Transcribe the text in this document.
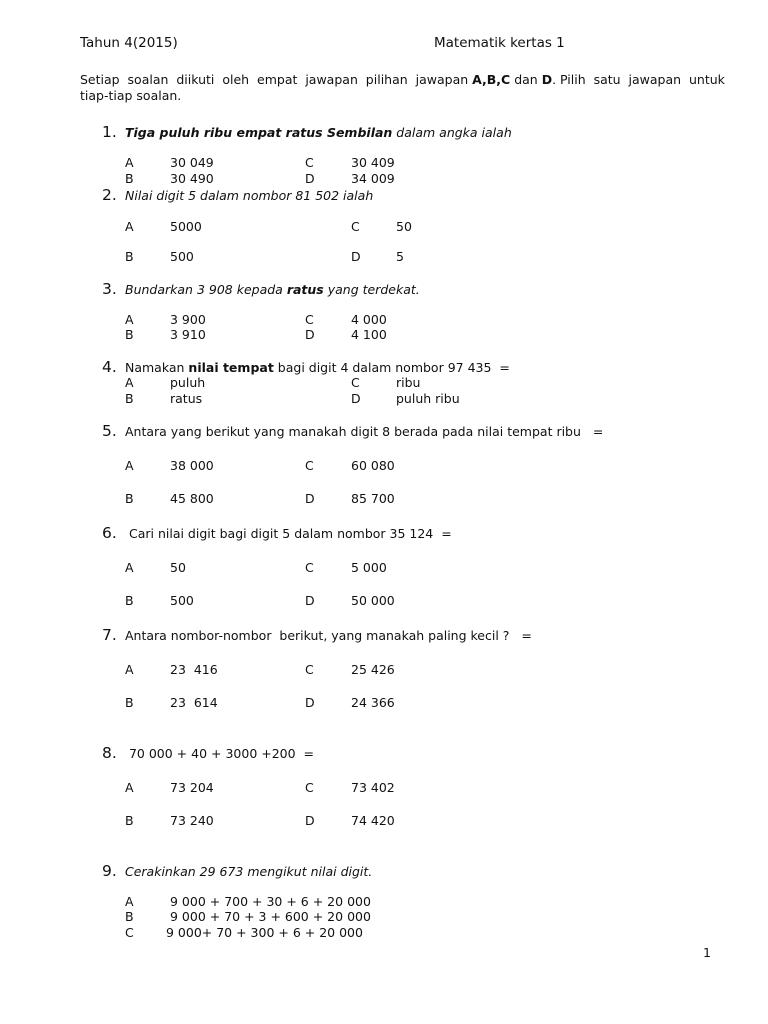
Tahun 4(2015)	Matematik kertas 1
Setiap  soalan  diikuti  oleh  empat  jawapan  pilihan  jawapan A,B,C dan D. Pilih  satu  jawapan  untuk
tiap-tiap soalan.
1. Tiga puluh ribu empat ratus Sembilan dalam angka ialah
A	30 049	C	30 409
B	30 490	D	34 009
2. Nilai digit 5 dalam nombor 81 502 ialah
A	5000	C	50
B	500	D	5
3. Bundarkan 3 908 kepada ratus yang terdekat.
A	3 900	C	4 000
B	3 910	D	4 100
4. Namakan nilai tempat bagi digit 4 dalam nombor 97 435  =
A	puluh	C	ribu
B	ratus	D	puluh ribu
5. Antara yang berikut yang manakah digit 8 berada pada nilai tempat ribu   =
A	38 000	C	60 080
B	45 800	D	85 700
6. Cari nilai digit bagi digit 5 dalam nombor 35 124  =
A	50	C	5 000
B	500	D	50 000
7. Antara nombor-nombor  berikut, yang manakah paling kecil ?   =
A	23  416	C	25 426
B	23  614	D	24 366
8. 70 000 + 40 + 3000 +200  =
A	73 204	C	73 402
B	73 240	D	74 420
9. Cerakinkan 29 673 mengikut nilai digit.
A	9 000 + 700 + 30 + 6 + 20 000
B	9 000 + 70 + 3 + 600 + 20 000
C	9 000+ 70 + 300 + 6 + 20 000
1
